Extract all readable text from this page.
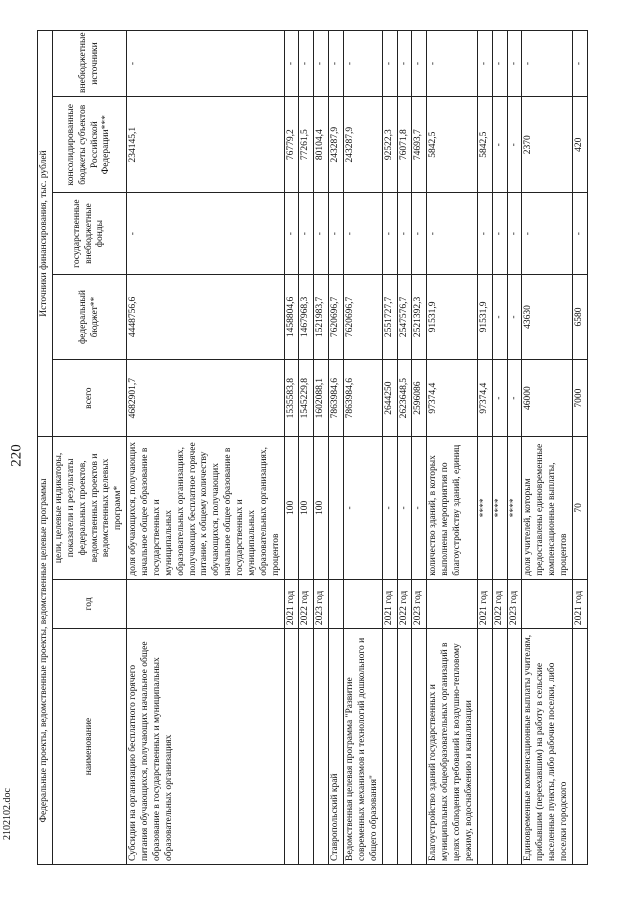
220
2102102.doc	Федеральные проекты, ведомственные проекты, ведомственные целевые программы			Источники финансирования, тыс. рублей				
наименование	год	цели, целевые индикаторы, показатели и результаты федеральных проектов, ведомственных проектов и ведомственных целевых программ*	всего	федеральный бюджет**	государственные внебюджетные фонды	консолидированные бюджеты субъектов Российской Федерации***	внебюджетные источники
Субсидии на организацию бесплатного горячего питания обучающихся, получающих начальное общее образование в государственных и муниципальных образовательных организациях		доля обучающихся, получающих начальное общее образование в государственных и муниципальных образовательных организациях, получающих бесплатное горячее питание, к общему количеству обучающихся, получающих начальное общее образование в государственных и муниципальных образовательных организациях, процентов	4682901,7	4448756,6	-	234145,1	-
	2021 год	100	1535583,8	1458804,6	-	76779,2	-
	2022 год	100	1545229,8	1467968,3	-	77261,5	-
	2023 год	100	1602088,1	1521983,7	-	80104,4	-
Ставропольский край			7863984,6	7620696,7	-	243287,9	-
Ведомственная целевая программа "Развитие современных механизмов и технологий дошкольного и общего образования"		-	7863984,6	7620696,7	-	243287,9	-
	2021 год	-	2644250	2551727,7	-	92522,3	-
	2022 год	-	2623648,5	2547576,7	-	76071,8	-
	2023 год	-	2596086	2521392,3	-	74693,7	-
Благоустройство зданий государственных и муниципальных общеобразовательных организаций в целях соблюдения требований к воздушно-тепловому режиму, водоснабжению и канализации		количество зданий, в которых выполнены мероприятия по благоустройству зданий, единиц	97374,4	91531,9	-	5842,5	-
	2021 год	****	97374,4	91531,9	-	5842,5	-
	2022 год	****	-	-	-	-	-
	2023 год	****	-	-	-	-	-
Единовременные компенсационные выплаты учителям, прибывшим (переехавшим) на работу в сельские населенные пункты, либо рабочие поселки, либо поселки городского		доля учителей, которым предоставлены единовременные компенсационные выплаты, процентов	46000	43630	-	2370	-
	2021 год	70	7000	6580	-	420	-
